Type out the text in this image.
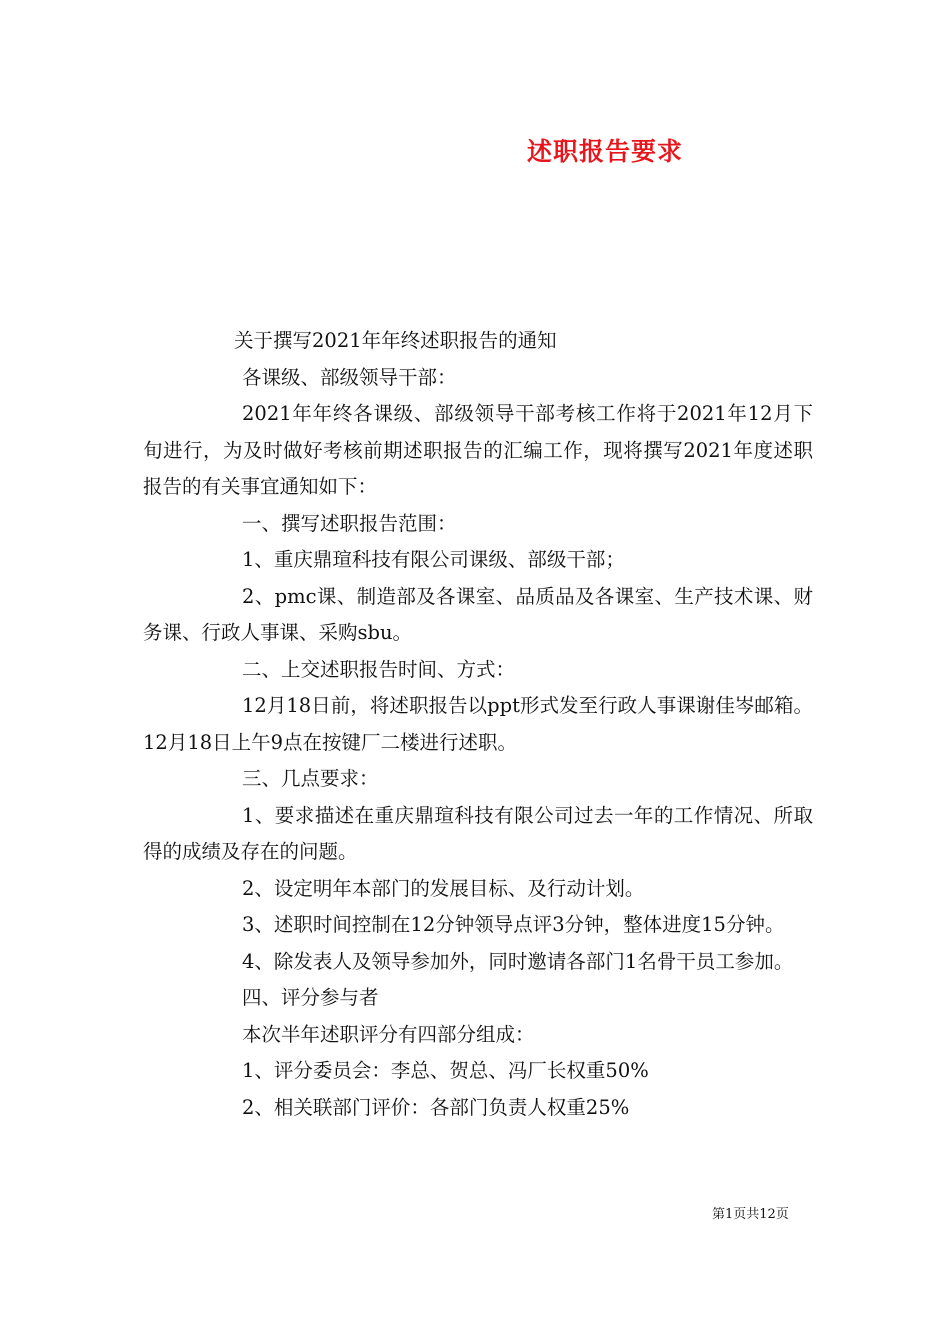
述职报告要求

关于撰写2021年年终述职报告的通知

各课级、部级领导干部：

2021年年终各课级、部级领导干部考核工作将于2021年12月下旬进行，为及时做好考核前期述职报告的汇编工作，现将撰写2021年度述职报告的有关事宜通知如下：

一、撰写述职报告范围：

1、重庆鼎瑄科技有限公司课级、部级干部；

2、pmc课、制造部及各课室、品质品及各课室、生产技术课、财务课、行政人事课、采购sbu。

二、上交述职报告时间、方式：

12月18日前，将述职报告以ppt形式发至行政人事课谢佳岑邮箱。12月18日上午9点在按键厂二楼进行述职。

三、几点要求：

1、要求描述在重庆鼎瑄科技有限公司过去一年的工作情况、所取得的成绩及存在的问题。

2、设定明年本部门的发展目标、及行动计划。

3、述职时间控制在12分钟领导点评3分钟，整体进度15分钟。

4、除发表人及领导参加外，同时邀请各部门1名骨干员工参加。

四、评分参与者

本次半年述职评分有四部分组成：

1、评分委员会：李总、贺总、冯厂长权重50%

2、相关联部门评价：各部门负责人权重25%

第1页共12页
